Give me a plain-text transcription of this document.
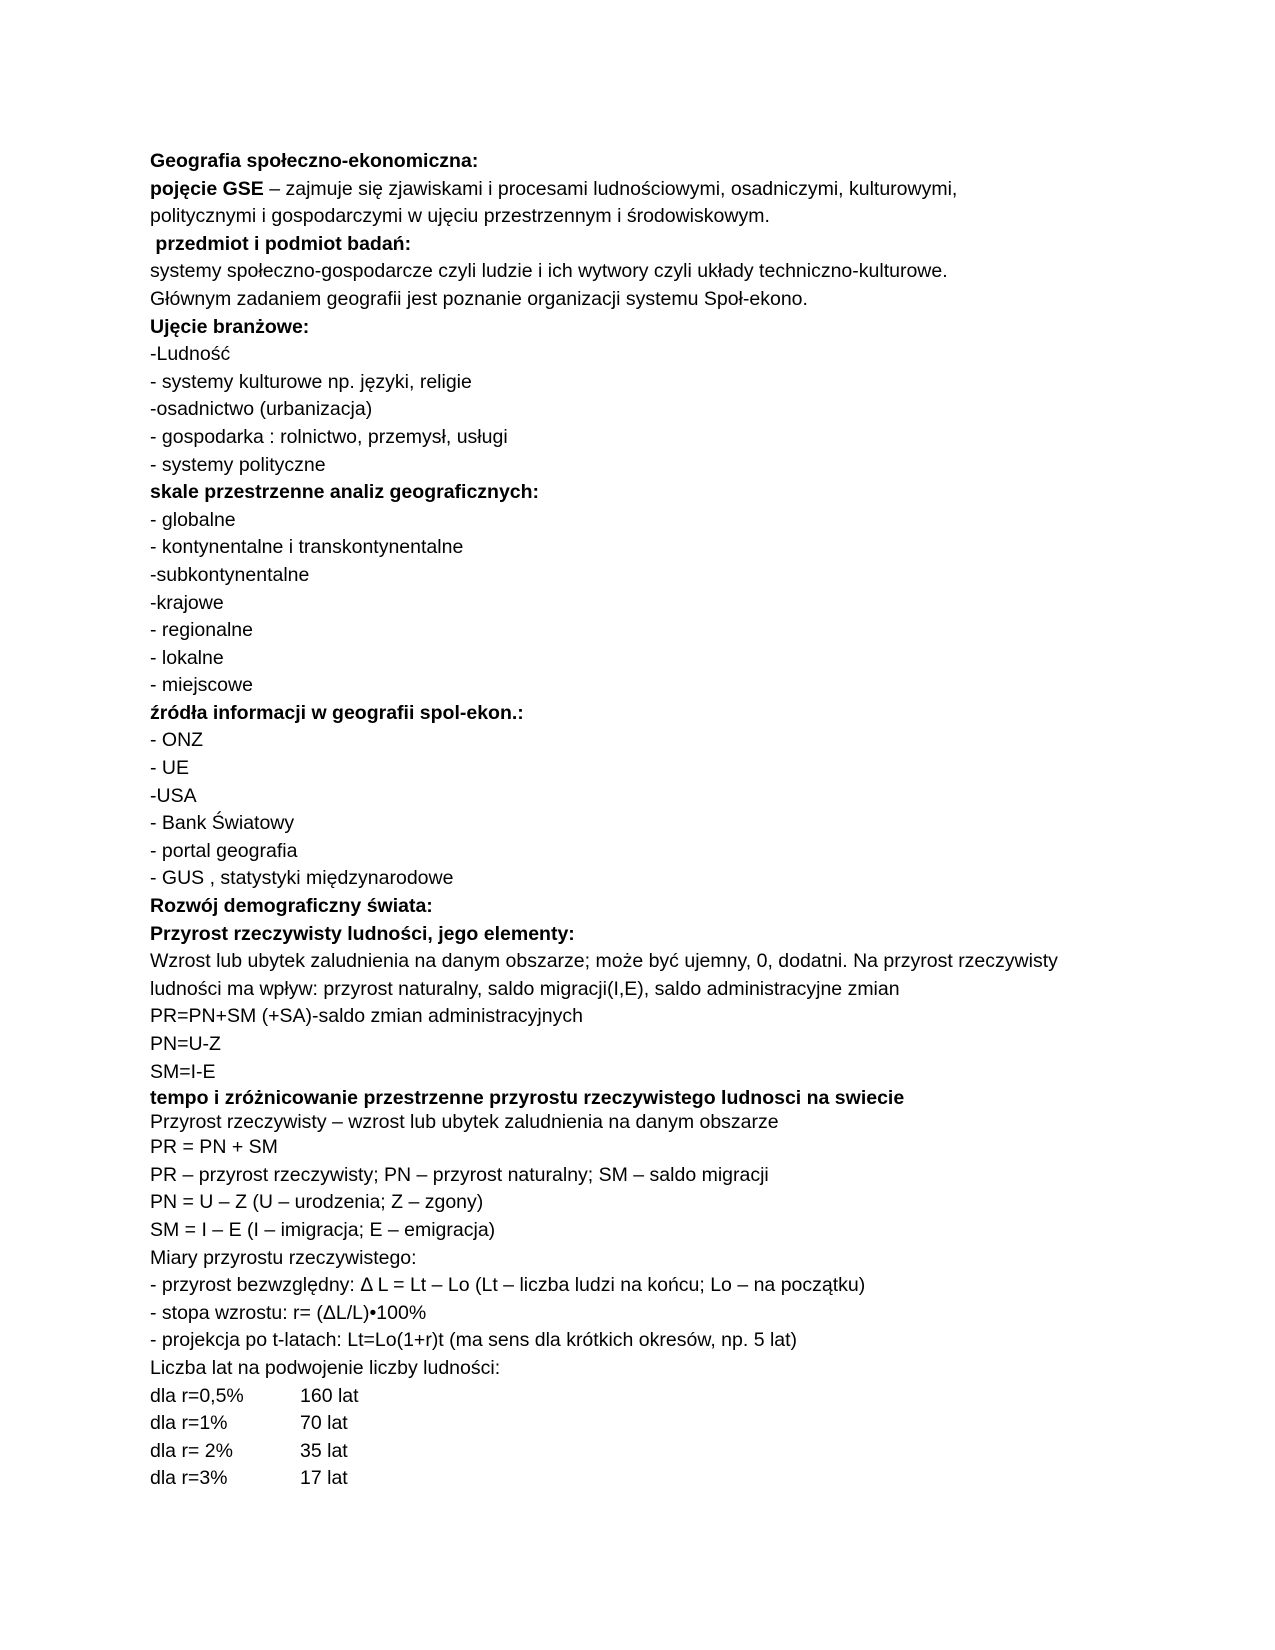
Geografia społeczno-ekonomiczna:
pojęcie GSE – zajmuje się zjawiskami i procesami ludnościowymi, osadniczymi, kulturowymi,
politycznymi i gospodarczymi w ujęciu przestrzennym i środowiskowym.
przedmiot i podmiot badań:
systemy społeczno-gospodarcze czyli ludzie i ich wytwory czyli układy techniczno-kulturowe.
Głównym zadaniem geografii jest poznanie organizacji systemu Społ-ekono.
Ujęcie branżowe:
-Ludność
- systemy kulturowe np. języki, religie
-osadnictwo (urbanizacja)
- gospodarka : rolnictwo, przemysł, usługi
- systemy polityczne
skale przestrzenne analiz geograficznych:
- globalne
- kontynentalne i transkontynentalne
-subkontynentalne
-krajowe
- regionalne
- lokalne
- miejscowe
źródła informacji w geografii spol-ekon.:
- ONZ
- UE
-USA
- Bank Światowy
- portal geografia
- GUS , statystyki międzynarodowe
Rozwój demograficzny świata:
Przyrost rzeczywisty ludności, jego elementy:
Wzrost lub ubytek zaludnienia na danym obszarze; może być ujemny, 0, dodatni. Na przyrost rzeczywisty
ludności ma wpływ: przyrost naturalny, saldo migracji(I,E), saldo administracyjne zmian
PR=PN+SM (+SA)-saldo zmian administracyjnych
PN=U-Z
SM=I-E
tempo i zróżnicowanie przestrzenne przyrostu rzeczywistego ludnosci na swiecie
Przyrost rzeczywisty – wzrost lub ubytek zaludnienia na danym obszarze
PR = PN + SM
PR – przyrost rzeczywisty; PN – przyrost naturalny; SM – saldo migracji
PN = U – Z (U – urodzenia; Z – zgony)
SM = I – E (I – imigracja; E – emigracja)
Miary przyrostu rzeczywistego:
- przyrost bezwzględny: Δ L = Lt – Lo (Lt – liczba ludzi na końcu; Lo – na początku)
- stopa wzrostu: r= (ΔL/L)•100%
- projekcja po t-latach: Lt=Lo(1+r)t (ma sens dla krótkich okresów, np. 5 lat)
Liczba lat na podwojenie liczby ludności:
dla r=0,5%	160 lat
dla r=1%	70 lat
dla r= 2%	35 lat
dla r=3%	17 lat
